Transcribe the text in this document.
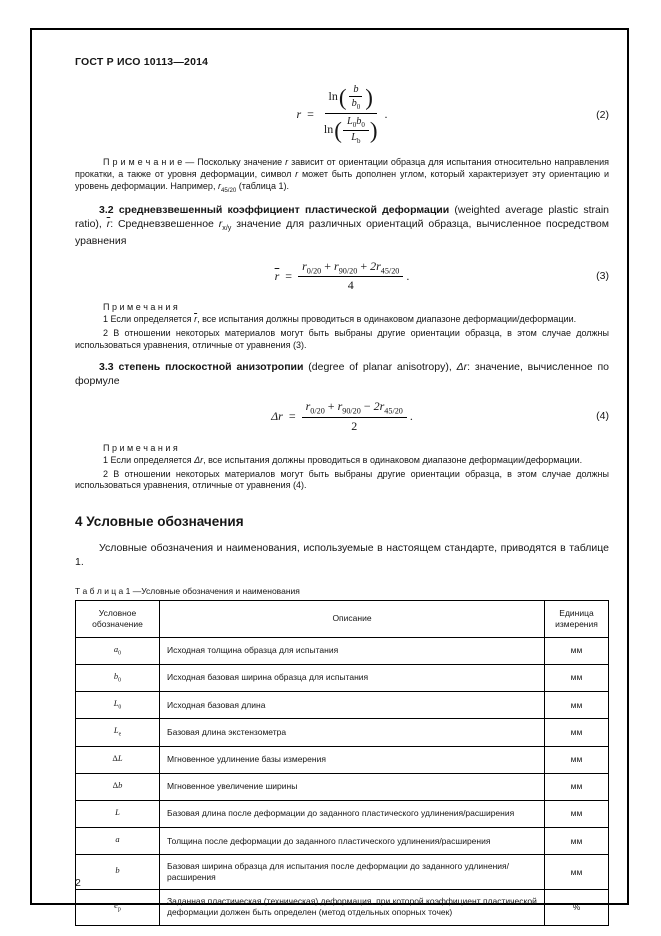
ГОСТ Р ИСО 10113—2014
$r = \frac{\ln( \frac{b}{b_0} )}{\ln( \frac{L_0b_0}{L_b} )}$ .	(2)

П р и м е ч а н и е — Поскольку значение r зависит от ориентации образца для испытания относительно направления прокатки, а также от уровня деформации, символ r может быть дополнен углом, который характеризует эту ориентацию и уровень деформации. Например, $r_{45/20}$ (таблица 1).

3.2 средневзвешенный коэффициент пластической деформации (weighted average plastic strain ratio), $\overline{r}$: Средневзвешенное $r_{x/y}$ значение для различных ориентаций образца, вычисленное посредством уравнения

$\overline{r} = \frac{r_{0/20} + r_{90/20} + 2r_{45/20}}{4}$ .	(3)

П р и м е ч а н и я

1 Если определяется $\overline{r}$, все испытания должны проводиться в одинаковом диапазоне деформации/деформации.

2 В отношении некоторых материалов могут быть выбраны другие ориентации образца, в этом случае должны использоваться уравнения, отличные от уравнения (3).

3.3 степень плоскостной анизотропии (degree of planar anisotropy), Δr: значение, вычисленное по формуле

$\Delta r = \frac{r_{0/20} + r_{90/20} - 2r_{45/20}}{2}$ .	(4)

П р и м е ч а н и я

1 Если определяется Δr, все испытания должны проводиться в одинаковом диапазоне деформации/деформации.

2 В отношении некоторых материалов могут быть выбраны другие ориентации образца, в этом случае должны использоваться уравнения, отличные от уравнения (4).

4 Условные обозначения

Условные обозначения и наименования, используемые в настоящем стандарте, приводятся в таблице 1.

Т а б л и ц а 1 —Условные обозначения и наименования

Условное обозначение	Описание	Единица измерения
$a_0$	Исходная толщина образца для испытания	мм
$b_0$	Исходная базовая ширина образца для испытания	мм
$L_0$	Исходная базовая длина	мм
$L_e$	Базовая длина экстензометра	мм
ΔL	Мгновенное удлинение базы измерения	мм
Δb	Мгновенное увеличение ширины	мм
L	Базовая длина после деформации до заданного пластического удлинения/расширения	мм
a	Толщина после деформации до заданного пластического удлинения/расширения	мм
b	Базовая ширина образца для испытания после деформации до заданного удлинения/расширения	мм
$e_p$	Заданная пластическая (техническая) деформация, при которой коэффициент пластической деформации должен быть определен (метод отдельных опорных точек)	%
2
